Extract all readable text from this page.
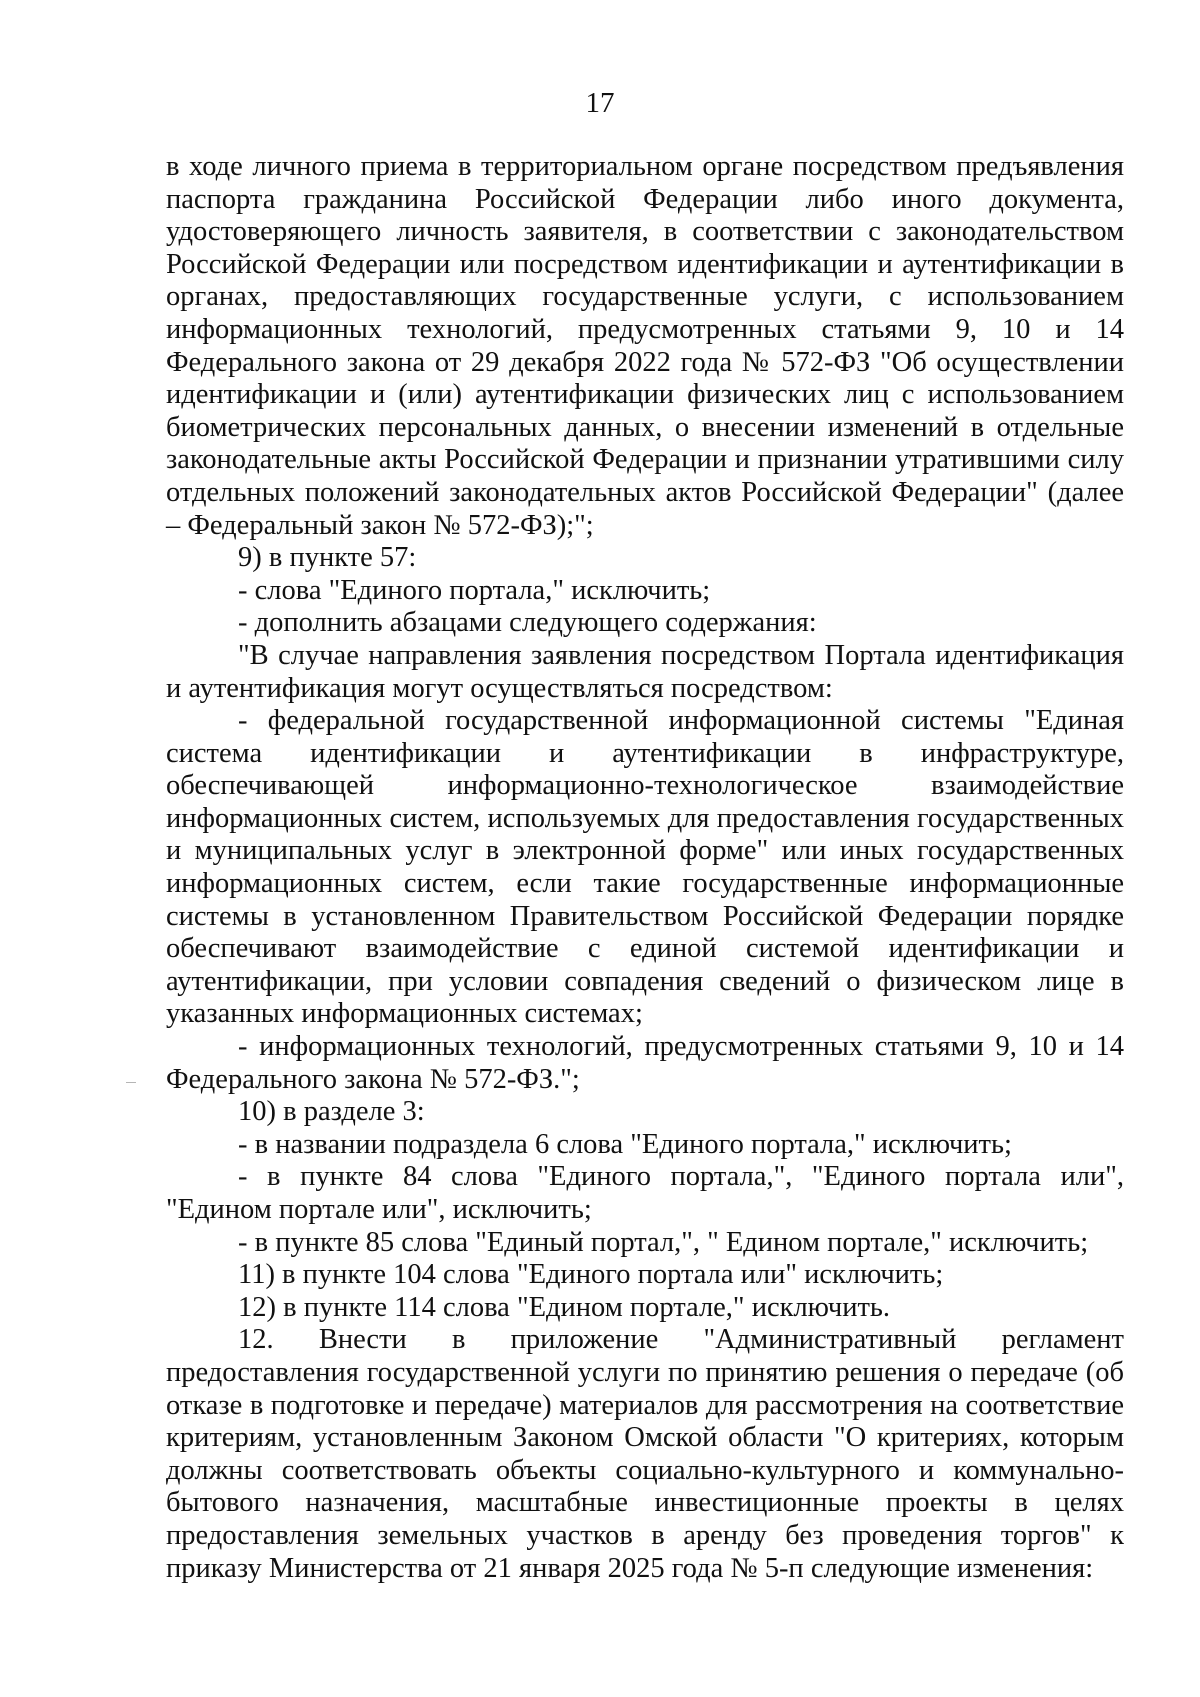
17

в ходе личного приема в территориальном органе посредством предъявления паспорта гражданина Российской Федерации либо иного документа, удостоверяющего личность заявителя, в соответствии с законодательством Российской Федерации или посредством идентификации и аутентификации в органах, предоставляющих государственные услуги, с использованием информационных технологий, предусмотренных статьями 9, 10 и 14 Федерального закона от 29 декабря 2022 года № 572-ФЗ "Об осуществлении идентификации и (или) аутентификации физических лиц с использованием биометрических персональных данных, о внесении изменений в отдельные законодательные акты Российской Федерации и признании утратившими силу отдельных положений законодательных актов Российской Федерации" (далее – Федеральный закон № 572-ФЗ);";

9) в пункте 57:

- слова "Единого портала," исключить;

- дополнить абзацами следующего содержания:

"В случае направления заявления посредством Портала идентификация и аутентификация могут осуществляться посредством:

- федеральной государственной информационной системы "Единая система идентификации и аутентификации в инфраструктуре, обеспечивающей информационно-технологическое взаимодействие информационных систем, используемых для предоставления государственных и муниципальных услуг в электронной форме" или иных государственных информационных систем, если такие государственные информационные системы в установленном Правительством Российской Федерации порядке обеспечивают взаимодействие с единой системой идентификации и аутентификации, при условии совпадения сведений о физическом лице в указанных информационных системах;

- информационных технологий, предусмотренных статьями 9, 10 и 14 Федерального закона № 572-ФЗ.";

10) в разделе 3:

- в названии подраздела 6 слова "Единого портала," исключить;

- в пункте 84 слова "Единого портала,", "Единого портала или", "Едином портале или", исключить;

- в пункте 85 слова "Единый портал,", " Едином портале," исключить;

11) в пункте 104 слова "Единого портала или" исключить;

12) в пункте 114 слова "Едином портале," исключить.

12. Внести в приложение "Административный регламент предоставления государственной услуги по принятию решения о передаче (об отказе в подготовке и передаче) материалов для рассмотрения на соответствие критериям, установленным Законом Омской области "О критериях, которым должны соответствовать объекты социально-культурного и коммунально-бытового назначения, масштабные инвестиционные проекты в целях предоставления земельных участков в аренду без проведения торгов" к приказу Министерства от 21 января 2025 года № 5-п следующие изменения:
